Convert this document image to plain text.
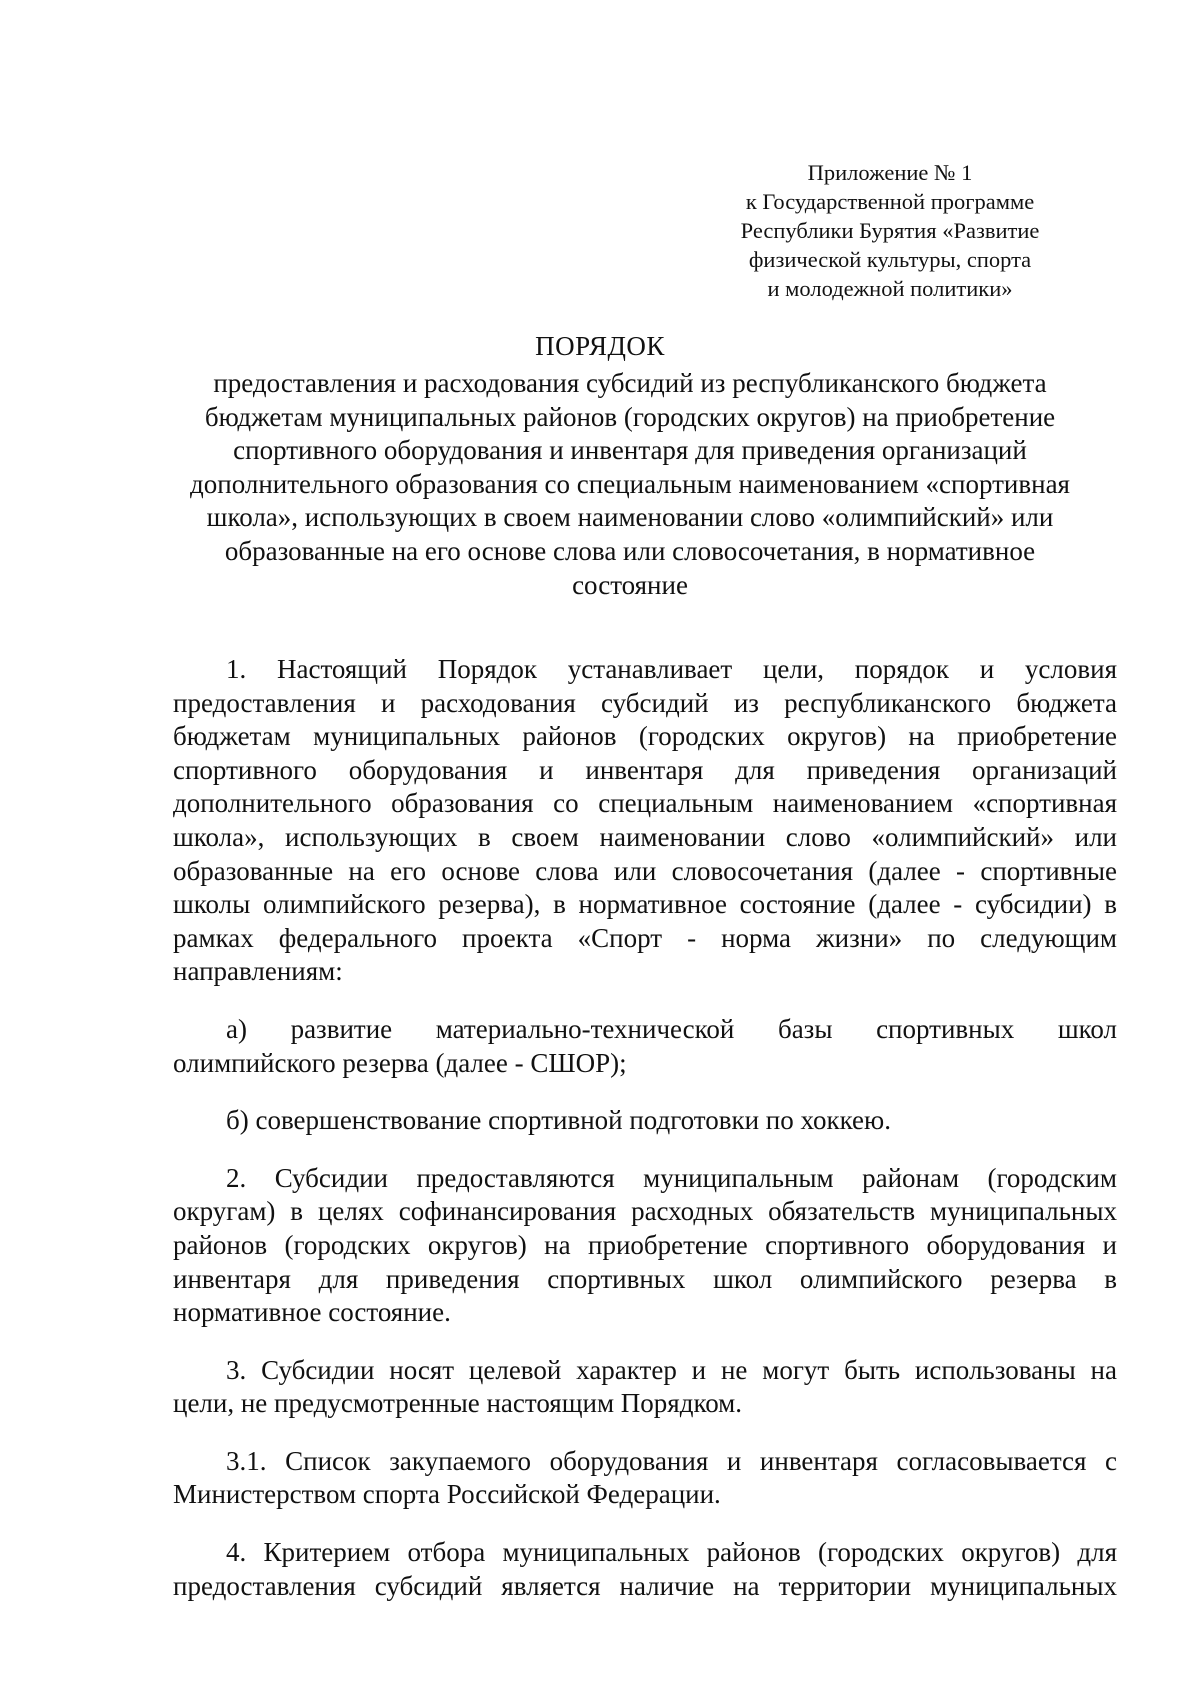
Приложение № 1
к Государственной программе
Республики Бурятия «Развитие
физической культуры, спорта
и молодежной политики»
ПОРЯДОК
предоставления и расходования субсидий из республиканского бюджета
бюджетам муниципальных районов (городских округов) на приобретение
спортивного оборудования и инвентаря для приведения организаций
дополнительного образования со специальным наименованием «спортивная
школа», использующих в своем наименовании слово «олимпийский» или
образованные на его основе слова или словосочетания, в нормативное
состояние
1. Настоящий Порядок устанавливает цели, порядок и условия
предоставления и расходования субсидий из республиканского бюджета
бюджетам муниципальных районов (городских округов) на приобретение
спортивного оборудования и инвентаря для приведения организаций
дополнительного образования со специальным наименованием «спортивная
школа», использующих в своем наименовании слово «олимпийский» или
образованные на его основе слова или словосочетания (далее - спортивные
школы олимпийского резерва), в нормативное состояние (далее - субсидии) в
рамках федерального проекта «Спорт - норма жизни» по следующим
направлениям:
а) развитие материально-технической базы спортивных школ
олимпийского резерва (далее - СШОР);
б) совершенствование спортивной подготовки по хоккею.
2. Субсидии предоставляются муниципальным районам (городским
округам) в целях софинансирования расходных обязательств муниципальных
районов (городских округов) на приобретение спортивного оборудования и
инвентаря для приведения спортивных школ олимпийского резерва в
нормативное состояние.
3. Субсидии носят целевой характер и не могут быть использованы на
цели, не предусмотренные настоящим Порядком.
3.1. Список закупаемого оборудования и инвентаря согласовывается с
Министерством спорта Российской Федерации.
4. Критерием отбора муниципальных районов (городских округов) для
предоставления субсидий является наличие на территории муниципальных
